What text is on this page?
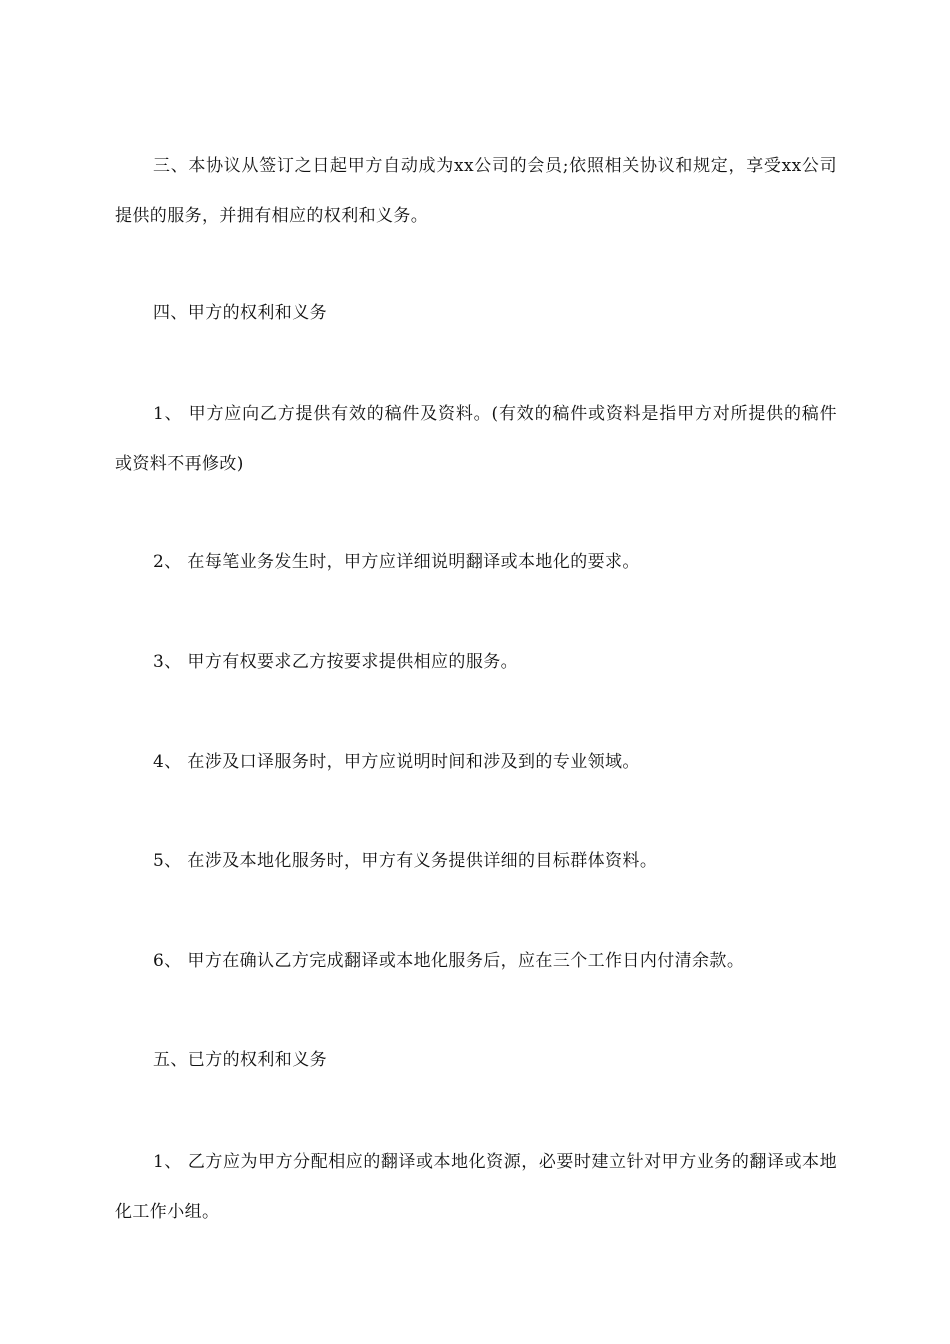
三、本协议从签订之日起甲方自动成为xx公司的会员;依照相关协议和规定，享受xx公司提供的服务，并拥有相应的权利和义务。

四、甲方的权利和义务

1、 甲方应向乙方提供有效的稿件及资料。(有效的稿件或资料是指甲方对所提供的稿件或资料不再修改)

2、 在每笔业务发生时，甲方应详细说明翻译或本地化的要求。

3、 甲方有权要求乙方按要求提供相应的服务。

4、 在涉及口译服务时，甲方应说明时间和涉及到的专业领域。

5、 在涉及本地化服务时，甲方有义务提供详细的目标群体资料。

6、 甲方在确认乙方完成翻译或本地化服务后，应在三个工作日内付清余款。

五、已方的权利和义务

1、 乙方应为甲方分配相应的翻译或本地化资源，必要时建立针对甲方业务的翻译或本地化工作小组。
